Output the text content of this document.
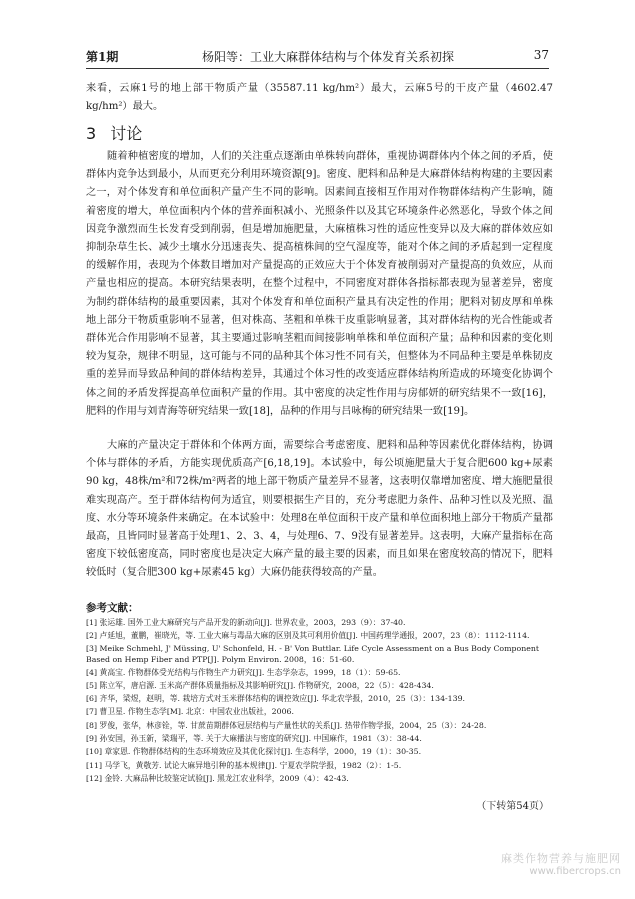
第1期	杨阳等：工业大麻群体结构与个体发育关系初探	37

来看，云麻1号的地上部干物质产量（35587.11 kg/hm²）最大，云麻5号的干皮产量（4602.47 kg/hm²）最大。

3 讨论

随着种植密度的增加，人们的关注重点逐渐由单株转向群体，重视协调群体内个体之间的矛盾，使群体内竞争达到最小，从而更充分利用环境资源[9]。密度、肥料和品种是大麻群体结构构建的主要因素之一，对个体发育和单位面积产量产生不同的影响。因素间直接相互作用对作物群体结构产生影响，随着密度的增大，单位面积内个体的营养面积减小、光照条件以及其它环境条件必然恶化，导致个体之间因竞争激烈而生长发育受到削弱，但是增加施肥量，大麻植株习性的适应性变异以及大麻的群体效应如抑制杂草生长、减少土壤水分迅速丧失、提高植株间的空气湿度等，能对个体之间的矛盾起到一定程度的缓解作用，表现为个体数目增加对产量提高的正效应大于个体发育被削弱对产量提高的负效应，从而产量也相应的提高。本研究结果表明，在整个过程中，不同密度对群体各指标都表现为显著差异，密度为制约群体结构的最重要因素，其对个体发育和单位面积产量具有决定性的作用；肥料对韧皮厚和单株地上部分干物质重影响不显著，但对株高、茎粗和单株干皮重影响显著，其对群体结构的光合性能或者群体光合作用影响不显著，其主要通过影响茎粗而间接影响单株和单位面积产量；品种和因素的变化则较为复杂，规律不明显，这可能与不同的品种其个体习性不同有关，但整体为不同品种主要是单株韧皮重的差异而导致品种间的群体结构差异，其通过个体习性的改变适应群体结构所造成的环境变化协调个体之间的矛盾发挥提高单位面积产量的作用。其中密度的决定性作用与房郁妍的研究结果不一致[16]，肥料的作用与刘青海等研究结果一致[18]，品种的作用与吕咏梅的研究结果一致[19]。

大麻的产量决定于群体和个体两方面，需要综合考虑密度、肥料和品种等因素优化群体结构，协调个体与群体的矛盾，方能实现优质高产[6,18,19]。本试验中，每公顷施肥量大于复合肥600 kg+尿素90 kg，48株/m²和72株/m²两者的地上部干物质产量差异不显著，这表明仅靠增加密度、增大施肥量很难实现高产。至于群体结构何为适宜，则要根据生产目的，充分考虑肥力条件、品种习性以及光照、温度、水分等环境条件来确定。在本试验中：处理8在单位面积干皮产量和单位面积地上部分干物质产量都最高，且皆同时显著高于处理1、2、3、4，与处理6、7、9没有显著差异。这表明，大麻产量指标在高密度下较低密度高，同时密度也是决定大麻产量的最主要的因素，而且如果在密度较高的情况下，肥料较低时（复合肥300 kg+尿素45 kg）大麻仍能获得较高的产量。

参考文献：
[1] 张运雄. 国外工业大麻研究与产品开发的新动向[J]. 世界农业，2003，293（9）：37-40.
[2] 卢延旭，董鹏，崔晓光，等. 工业大麻与毒品大麻的区别及其可利用价值[J]. 中国药理学通报，2007，23（8）：1112-1114.
[3] Meike Schmehl, J' Müssing, U' Schonfeld, H. - B' Von Buttlar. Life Cycle Assessment on a Bus Body Component Based on Hemp Fiber and PTP[J]. Polym Environ. 2008，16：51-60.
[4] 黄高宝. 作物群体受光结构与作物生产力研究[J]. 生态学杂志，1999，18（1）：59-65.
[5] 陈立军，唐启源. 玉米高产群体质量指标及其影响研究[J]. 作物研究，2008，22（5）：428-434.
[6] 齐华，梁煜，赵明，等. 栽培方式对玉米群体结构的调控效应[J]. 华北农学报，2010，25（3）：134-139.
[7] 曹卫星. 作物生态学[M]. 北京：中国农业出版社，2006.
[8] 罗俊，张华，林彦铨，等. 甘蔗苗期群体冠层结构与产量性状的关系[J]. 热带作物学报，2004，25（3）：24-28.
[9] 孙安国，孙玉新，梁瑞平，等. 关于大麻播法与密度的研究[J]. 中国麻作，1981（3）：38-44.
[10] 章家恩. 作物群体结构的生态环境效应及其优化探讨[J]. 生态科学，2000，19（1）：30-35.
[11] 马学飞，黄敬芳. 试论大麻异地引种的基本规律[J]. 宁夏农学院学报，1982（2）：1-5.
[12] 金铃. 大麻品种比较鉴定试验[J]. 黑龙江农业科学，2009（4）：42-43.
（下转第54页）
麻类作物营养与施肥网
www.fibercrops.cn
